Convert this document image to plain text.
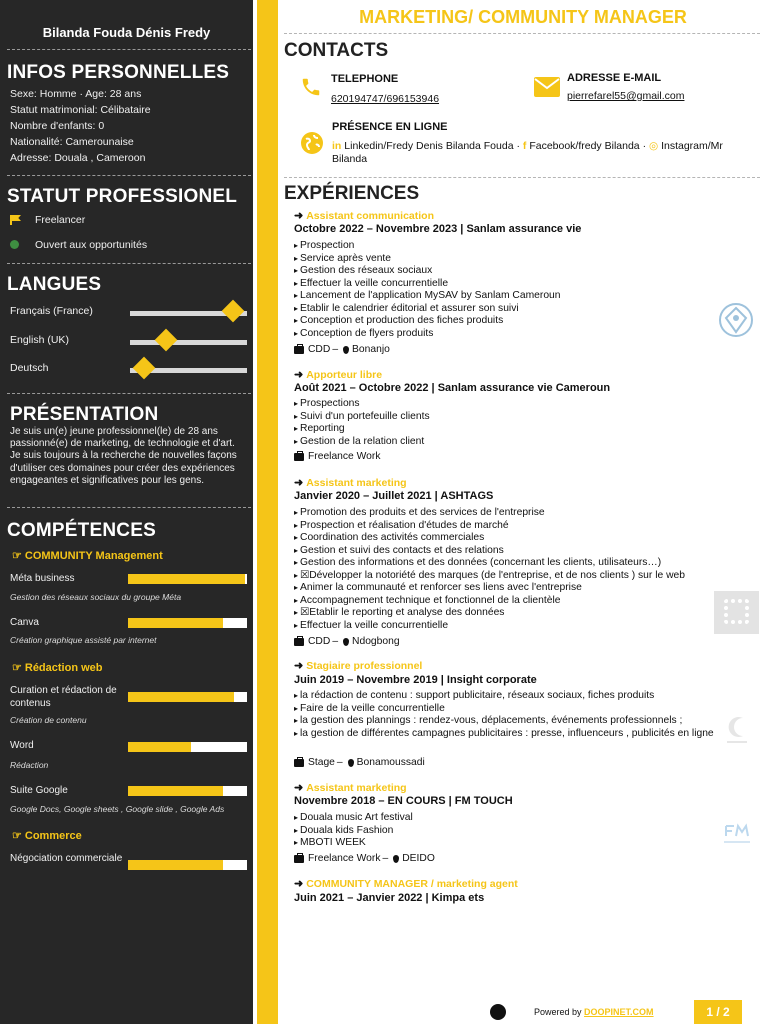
Bilanda Fouda Dénis Fredy
INFOS PERSONNELLES
Sexe: Homme · Age: 28 ans
Statut matrimonial: Célibataire
Nombre d'enfants: 0
Nationalité: Camerounaise
Adresse: Douala , Cameroon
STATUT PROFESSIONEL
Freelancer
Ouvert aux opportunités
LANGUES
Français (France)
English (UK)
Deutsch
PRÉSENTATION
Je suis un(e) jeune professionnel(le) de 28 ans passionné(e) de marketing, de technologie et d'art. Je suis toujours à la recherche de nouvelles façons d'utiliser ces domaines pour créer des expériences engageantes et significatives pour les gens.
COMPÉTENCES
☞ COMMUNITY Management
Méta business
Gestion des réseaux sociaux du groupe Méta
Canva
Création graphique assisté par internet
☞ Rédaction web
Curation et rédaction de contenus
Création de contenu
Word
Rédaction
Suite Google
Google Docs, Google sheets , Google slide , Google Ads
☞ Commerce
Négociation commerciale
MARKETING/ COMMUNITY MANAGER
CONTACTS
TELEPHONE
620194747/696153946
ADRESSE E-MAIL
pierrefarel55@gmail.com
PRÉSENCE EN LIGNE
in Linkedin/Fredy Denis Bilanda Fouda · f Facebook/fredy Bilanda · ◎ Instagram/Mr
Bilanda
EXPÉRIENCES
➜ Assistant communication
Octobre 2022 – Novembre 2023 | Sanlam assurance vie
▸ Prospection
▸ Service après vente
▸ Gestion des réseaux sociaux
▸ Effectuer la veille concurrentielle
▸ Lancement de l'application MySAV by Sanlam Cameroun
▸ Etablir le calendrier éditorial et assurer son suivi
▸ Conception et production des fiches produits
▸ Conception de flyers produits
CDD – Bonanjo
➜ Apporteur libre
Août 2021 – Octobre 2022 | Sanlam assurance vie Cameroun
▸ Prospections
▸ Suivi d'un portefeuille clients
▸ Reporting
▸ Gestion de la relation client
Freelance Work
➜ Assistant marketing
Janvier 2020 – Juillet 2021 | ASHTAGS
▸ Promotion des produits et des services de l'entreprise
▸ Prospection et réalisation d'études de marché
▸ Coordination des activités commerciales
▸ Gestion et suivi des contacts et des relations
▸ Gestion des informations et des données (concernant les clients, utilisateurs…)
▸ ☒Développer la notoriété des marques (de l'entreprise, et de nos clients ) sur le web
▸ Animer la communauté et renforcer ses liens avec l'entreprise
▸ Accompagnement technique et fonctionnel de la clientèle
▸ ☒Etablir le reporting et analyse des données
▸ Effectuer la veille concurrentielle
CDD – Ndogbong
➜ Stagiaire professionnel
Juin 2019 – Novembre 2019 | Insight corporate
▸ la rédaction de contenu : support publicitaire, réseaux sociaux, fiches produits
▸ Faire de la veille concurrentielle
▸ la gestion des plannings : rendez-vous, déplacements, événements professionnels ;
▸ la gestion de différentes campagnes publicitaires : presse, influenceurs , publicités en ligne
Stage – Bonamoussadi
➜ Assistant marketing
Novembre 2018 – EN COURS | FM TOUCH
▸ Douala music Art festival
▸ Douala kids Fashion
▸ MBOTI WEEK
Freelance Work – DEIDO
➜ COMMUNITY MANAGER / marketing agent
Juin 2021 – Janvier 2022 | Kimpa ets
Powered by DOOPINET.COM	1 / 2
